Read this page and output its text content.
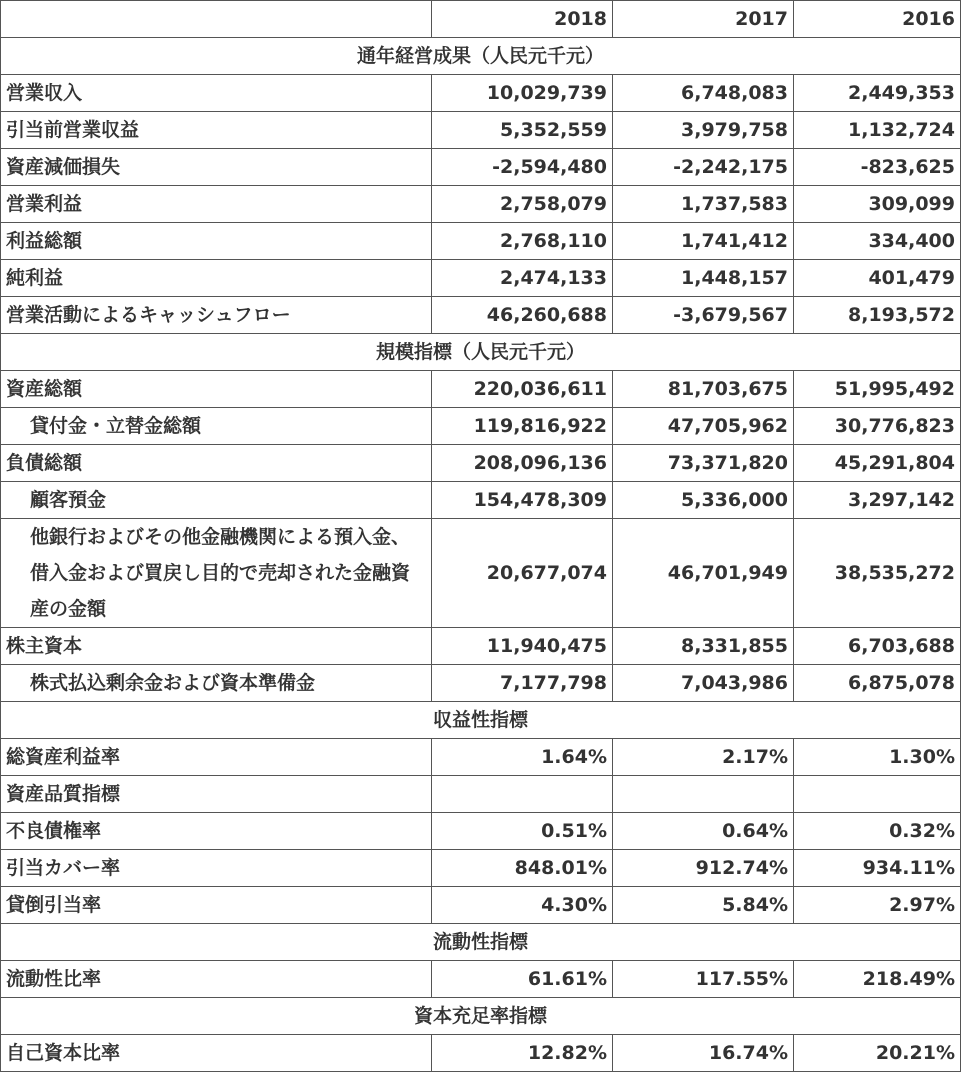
	2018	2017	2016
通年経営成果（人民元千元）			
営業収入	10,029,739	6,748,083	2,449,353
引当前営業収益	5,352,559	3,979,758	1,132,724
資産減価損失	-2,594,480	-2,242,175	-823,625
営業利益	2,758,079	1,737,583	309,099
利益総額	2,768,110	1,741,412	334,400
純利益	2,474,133	1,448,157	401,479
営業活動によるキャッシュフロー	46,260,688	-3,679,567	8,193,572
規模指標（人民元千元）			
資産総額	220,036,611	81,703,675	51,995,492
貸付金・立替金総額	119,816,922	47,705,962	30,776,823
負債総額	208,096,136	73,371,820	45,291,804
顧客預金	154,478,309	5,336,000	3,297,142
他銀行およびその他金融機関による預入金、借入金および買戻し目的で売却された金融資産の金額	20,677,074	46,701,949	38,535,272
株主資本	11,940,475	8,331,855	6,703,688
株式払込剰余金および資本準備金	7,177,798	7,043,986	6,875,078
収益性指標			
総資産利益率	1.64%	2.17%	1.30%
資産品質指標			
不良債権率	0.51%	0.64%	0.32%
引当カバー率	848.01%	912.74%	934.11%
貸倒引当率	4.30%	5.84%	2.97%
流動性指標			
流動性比率	61.61%	117.55%	218.49%
資本充足率指標			
自己資本比率	12.82%	16.74%	20.21%
